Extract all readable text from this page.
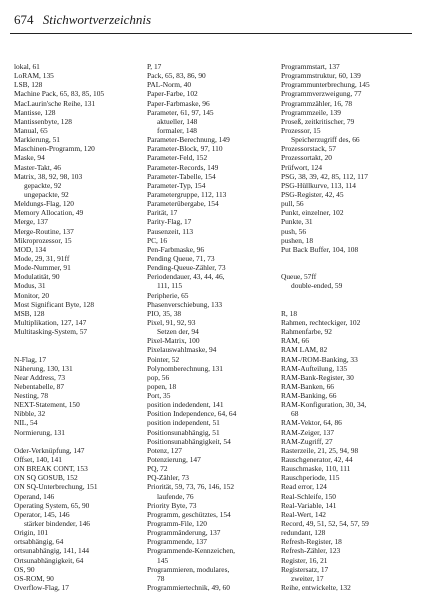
674 Stichwortverzeichnis
lokal, 61
LoRAM, 135
LSB, 128
Machine Pack, 65, 83, 85, 105
MacLaurin'sche Reihe, 131
Mantisse, 128
Mantissenbyte, 128
Manual, 65
Markierung, 51
Maschinen-Programm, 120
Maske, 94
Master-Takt, 46
Matrix, 38, 92, 98, 103
gepackte, 92
ungepackte, 92
Meldungs-Flag, 120
Memory Allocation, 49
Merge, 137
Merge-Routine, 137
Mikroprozessor, 15
MOD, 134
Mode, 29, 31, 91ff
Mode-Nummer, 91
Modulatität, 90
Modus, 31
Monitor, 20
Most Significant Byte, 128
MSB, 128
Multiplikation, 127, 147
Multitasking-System, 57
N-Flag, 17
Näherung, 130, 131
Near Address, 73
Nebentabelle, 87
Nesting, 78
NEXT-Statement, 150
Nibble, 32
NIL, 54
Normierung, 131
Oder-Verknüpfung, 147
Offset, 140, 141
ON BREAK CONT, 153
ON SQ GOSUB, 152
ON SQ-Unterbrechung, 151
Operand, 146
Operating System, 65, 90
Operator, 145, 146
stärker bindender, 146
Origin, 101
ortsabhängig, 64
ortsunabhängig, 141, 144
Ortsunabhängigkeit, 64
OS, 90
OS-ROM, 90
Overflow-Flag, 17
P, 17
Pack, 65, 83, 86, 90
PAL-Norm, 40
Paper-Farbe, 102
Paper-Farbmaske, 96
Parameter, 61, 97, 145
aktueller, 148
formaler, 148
Parameter-Berechnung, 149
Parameter-Block, 97, 110
Parameter-Feld, 152
Parameter-Records, 149
Parameter-Tabelle, 154
Parameter-Typ, 154
Parametergruppe, 112, 113
Parameterübergabe, 154
Parität, 17
Parity-Flag, 17
Pausenzeit, 113
PC, 16
Pen-Farbmaske, 96
Pending Queue, 71, 73
Pending-Queue-Zähler, 73
Periodendauer, 43, 44, 46,
111, 115
Peripherie, 65
Phasenverschiebung, 133
PIO, 35, 38
Pixel, 91, 92, 93
Setzen der, 94
Pixel-Matrix, 100
Pixelauswahlmaske, 94
Pointer, 52
Polynomberechnung, 131
pop, 56
popen, 18
Port, 35
position indedendent, 141
Position Independence, 64, 64
position independent, 51
Positionsunabhängig, 51
Positionsunabhängigkeit, 54
Potenz, 127
Potenzierung, 147
PQ, 72
PQ-Zähler, 73
Priorität, 59, 73, 76, 146, 152
laufende, 76
Priority Byte, 73
Programm, geschütztes, 154
Programm-File, 120
Programmänderung, 137
Programmende, 137
Programmende-Kennzeichen,
145
Programmieren, modulares,
78
Programmiertechnik, 49, 60
Programmstart, 137
Programmstruktur, 60, 139
Programmunterbrechung, 145
Programmverzweigung, 77
Programmzähler, 16, 78
Programmzeile, 139
Proseß, zeitkritischer, 79
Prozessor, 15
Speicherzugriff des, 66
Prozessorstack, 57
Prozessortakt, 20
Prüfwort, 124
PSG, 38, 39, 42, 85, 112, 117
PSG-Hüllkurve, 113, 114
PSG-Register, 42, 45
pull, 56
Punkt, einzelner, 102
Punkte, 31
push, 56
pushen, 18
Put Back Buffer, 104, 108
Queue, 57ff
double-ended, 59
R, 18
Rahmen, rechteckiger, 102
Rahmenfarbe, 92
RAM, 66
RAM LAM, 82
RAM-/ROM-Banking, 33
RAM-Aufteilung, 135
RAM-Bank-Register, 30
RAM-Banken, 66
RAM-Banking, 66
RAM-Konfiguration, 30, 34,
68
RAM-Vektor, 64, 86
RAM-Zeiger, 137
RAM-Zugriff, 27
Rasterzeile, 21, 25, 94, 98
Rauschgenerator, 42, 44
Rauschmaske, 110, 111
Rauschperiode, 115
Read error, 124
Real-Schleife, 150
Real-Variable, 141
Real-Wert, 142
Record, 49, 51, 52, 54, 57, 59
redundant, 128
Refresh-Register, 18
Refresh-Zähler, 123
Register, 16, 21
Registersatz, 17
zweiter, 17
Reihe, entwickelte, 132
